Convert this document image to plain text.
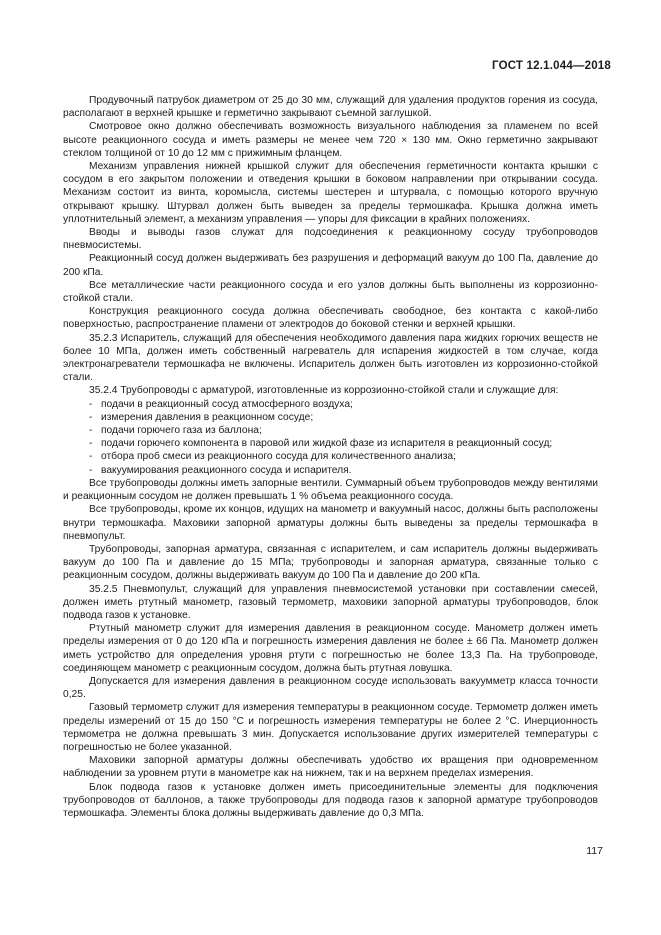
ГОСТ 12.1.044—2018

Продувочный патрубок диаметром от 25 до 30 мм, служащий для удаления продуктов горения из сосуда, располагают в верхней крышке и герметично закрывают съемной заглушкой.

Смотровое окно должно обеспечивать возможность визуального наблюдения за пламенем по всей высоте реакционного сосуда и иметь размеры не менее чем 720 × 130 мм. Окно герметично закрывают стеклом толщиной от 10 до 12 мм с прижимным фланцем.

Механизм управления нижней крышкой служит для обеспечения герметичности контакта крышки с сосудом в его закрытом положении и отведения крышки в боковом направлении при открывании сосуда. Механизм состоит из винта, коромысла, системы шестерен и штурвала, с помощью которого вручную открывают крышку. Штурвал должен быть выведен за пределы термошкафа. Крышка должна иметь уплотнительный элемент, а механизм управления — упоры для фиксации в крайних положениях.

Вводы и выводы газов служат для подсоединения к реакционному сосуду трубопроводов пневмосистемы.

Реакционный сосуд должен выдерживать без разрушения и деформаций вакуум до 100 Па, давление до 200 кПа.

Все металлические части реакционного сосуда и его узлов должны быть выполнены из коррозионно-стойкой стали.

Конструкция реакционного сосуда должна обеспечивать свободное, без контакта с какой-либо поверхностью, распространение пламени от электродов до боковой стенки и верхней крышки.

35.2.3 Испаритель, служащий для обеспечения необходимого давления пара жидких горючих веществ не более 10 МПа, должен иметь собственный нагреватель для испарения жидкостей в том случае, когда электронагреватели термошкафа не включены. Испаритель должен быть изготовлен из коррозионно-стойкой стали.

35.2.4 Трубопроводы с арматурой, изготовленные из коррозионно-стойкой стали и служащие для:

- подачи в реакционный сосуд атмосферного воздуха;
- измерения давления в реакционном сосуде;
- подачи горючего газа из баллона;
- подачи горючего компонента в паровой или жидкой фазе из испарителя в реакционный сосуд;
- отбора проб смеси из реакционного сосуда для количественного анализа;
- вакуумирования реакционного сосуда и испарителя.

Все трубопроводы должны иметь запорные вентили. Суммарный объем трубопроводов между вентилями и реакционным сосудом не должен превышать 1 % объема реакционного сосуда.

Все трубопроводы, кроме их концов, идущих на манометр и вакуумный насос, должны быть расположены внутри термошкафа. Маховики запорной арматуры должны быть выведены за пределы термошкафа в пневмопульт.

Трубопроводы, запорная арматура, связанная с испарителем, и сам испаритель должны выдерживать вакуум до 100 Па и давление до 15 МПа; трубопроводы и запорная арматура, связанные только с реакционным сосудом, должны выдерживать вакуум до 100 Па и давление до 200 кПа.

35.2.5 Пневмопульт, служащий для управления пневмосистемой установки при составлении смесей, должен иметь ртутный манометр, газовый термометр, маховики запорной арматуры трубопроводов, блок подвода газов к установке.

Ртутный манометр служит для измерения давления в реакционном сосуде. Манометр должен иметь пределы измерения от 0 до 120 кПа и погрешность измерения давления не более ± 66 Па. Манометр должен иметь устройство для определения уровня ртути с погрешностью не более 13,3 Па. На трубопроводе, соединяющем манометр с реакционным сосудом, должна быть ртутная ловушка.

Допускается для измерения давления в реакционном сосуде использовать вакуумметр класса точности 0,25.

Газовый термометр служит для измерения температуры в реакционном сосуде. Термометр должен иметь пределы измерений от 15 до 150 °С и погрешность измерения температуры не более 2 °С. Инерционность термометра не должна превышать 3 мин. Допускается использование других измерителей температуры с погрешностью не более указанной.

Маховики запорной арматуры должны обеспечивать удобство их вращения при одновременном наблюдении за уровнем ртути в манометре как на нижнем, так и на верхнем пределах измерения.

Блок подвода газов к установке должен иметь присоединительные элементы для подключения трубопроводов от баллонов, а также трубопроводы для подвода газов к запорной арматуре трубопроводов термошкафа. Элементы блока должны выдерживать давление до 0,3 МПа.

117
